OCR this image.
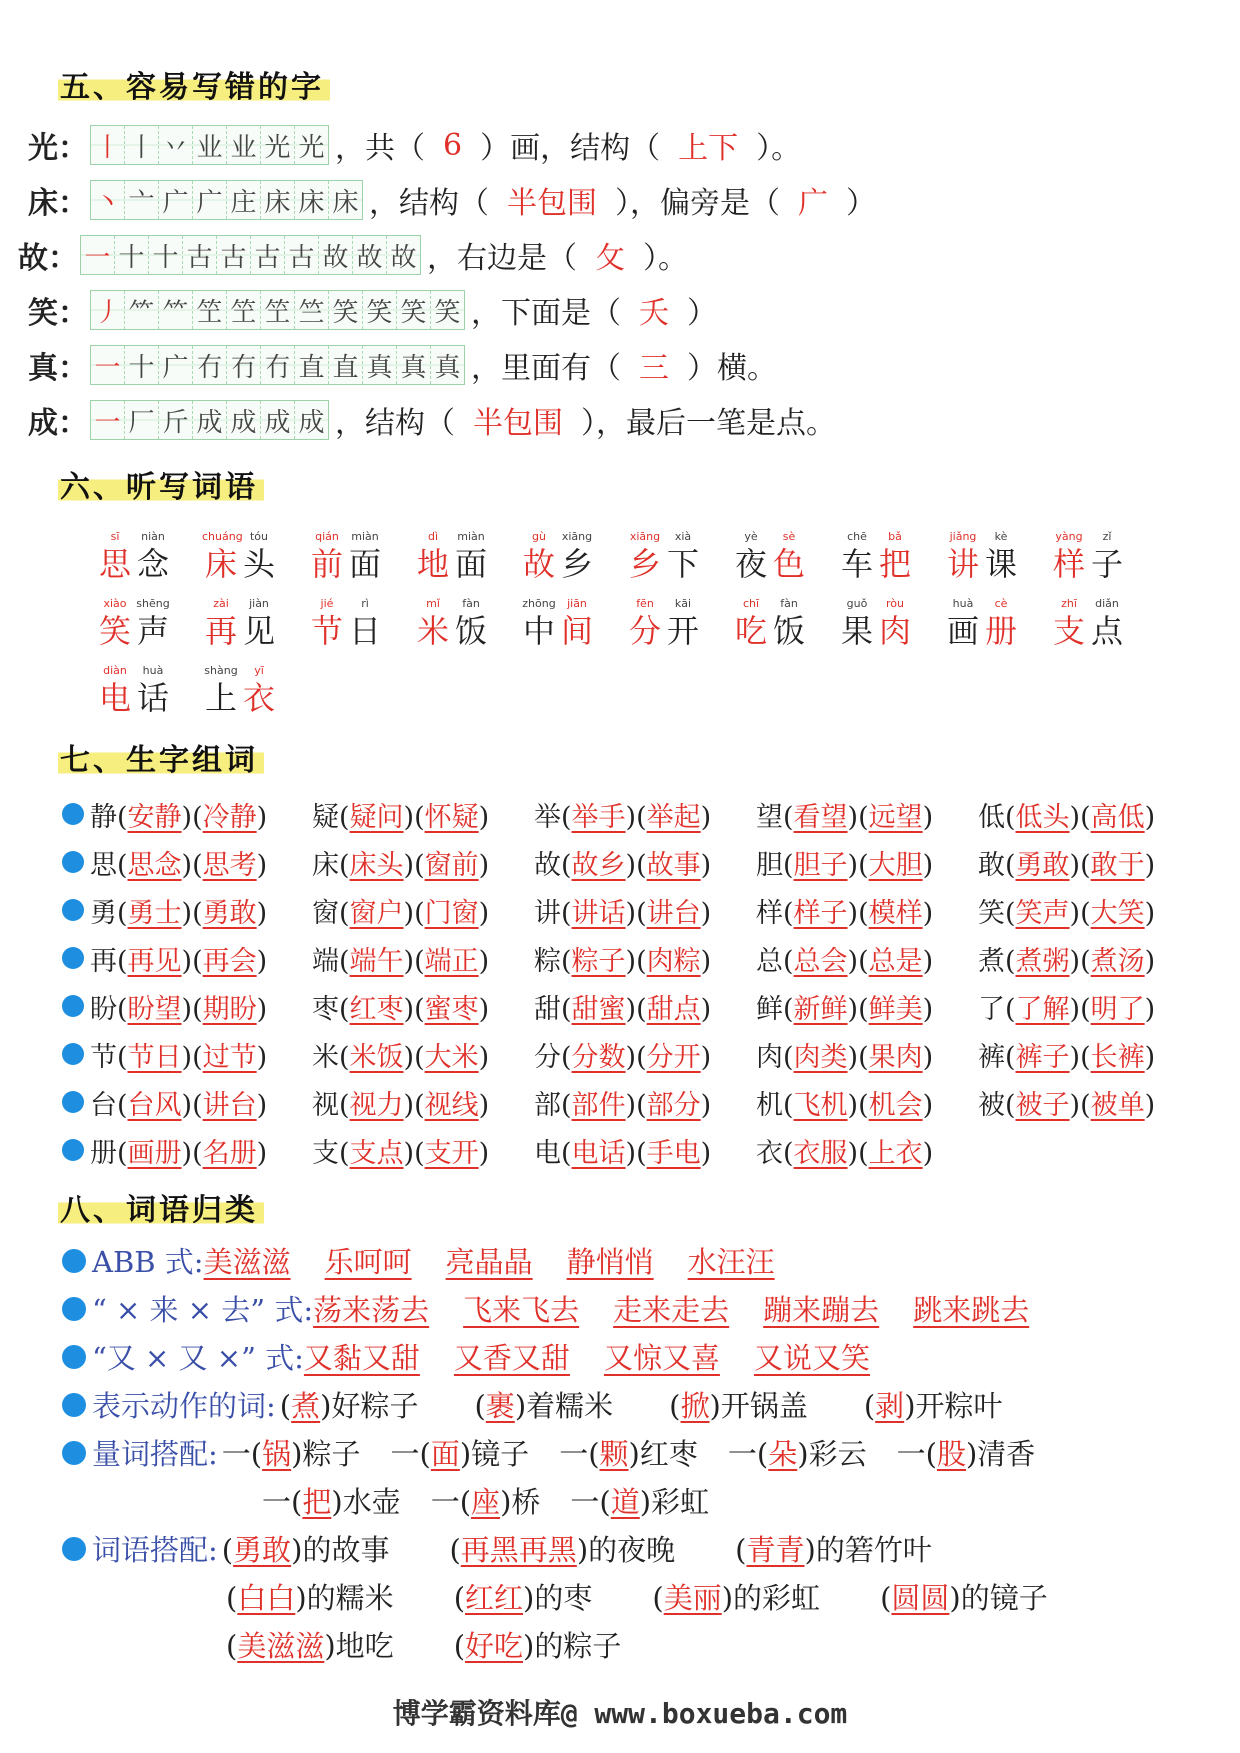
五、容易写错的字
光： 丨 丨 丷 业 业 光 光 ，共（ 6 ）画，结构（ 上下 ）。
床： 丶 亠 广 广 庄 床 床 床 ，结构（ 半包围 ），偏旁是（ 广 ）
故： 一 十 十 古 古 古 古 故 故 故 ，右边是（ 攵 ）。
笑： 丿 ⺮ ⺮ 笁 笁 笁 竺 笑 笑 笑 笑 ，下面是（ 夭 ）
真： 一 十 广 冇 冇 冇 直 直 真 真 真 ，里面有（ 三 ）横。
成： 一 厂 斤 成 成 成 成 ，结构（ 半包围 ），最后一笔是点。
六、听写词语
sī	niàn
思 念
chuáng tóu
床 头
qián	miàn
前 面
dì	miàn
地 面
gù	xiāng
故 乡
xiāng	xià
乡 下
yè	sè
夜 色
chē	bǎ
车 把
jiǎng	kè
讲 课
yàng	zǐ
样 子
xiào shēng
笑 声
zài	jiàn
再 见
jié	rì
节 日
mǐ	fàn
米 饭
zhōng	jiān
中 间
fēn	kāi
分 开
chī	fàn
吃 饭
guǒ	ròu
果 肉
huà	cè
画 册
zhī	diǎn
支 点
diàn	huà
电 话
shàng	yī
上 衣
七、生字组词
静(安静)(冷静)	疑(疑问)(怀疑)	举(举手)(举起)	望(看望)(远望)	低(低头)(高低)
思(思念)(思考)	床(床头)(窗前)	故(故乡)(故事)	胆(胆子)(大胆)	敢(勇敢)(敢于)
勇(勇士)(勇敢)	窗(窗户)(门窗)	讲(讲话)(讲台)	样(样子)(模样)	笑(笑声)(大笑)
再(再见)(再会)	端(端午)(端正)	粽(粽子)(肉粽)	总(总会)(总是)	煮(煮粥)(煮汤)
盼(盼望)(期盼)	枣(红枣)(蜜枣)	甜(甜蜜)(甜点)	鲜(新鲜)(鲜美)	了(了解)(明了)
节(节日)(过节)	米(米饭)(大米)	分(分数)(分开)	肉(肉类)(果肉)	裤(裤子)(长裤)
台(台风)(讲台)	视(视力)(视线)	部(部件)(部分)	机(飞机)(机会)	被(被子)(被单)
册(画册)(名册)	支(支点)(支开)	电(电话)(手电)	衣(衣服)(上衣)
八、词语归类
ABB 式: 美滋滋 乐呵呵 亮晶晶 静悄悄 水汪汪
“ × 来 × 去” 式: 荡来荡去 飞来飞去 走来走去 蹦来蹦去 跳来跳去
“又 × 又 ×” 式: 又黏又甜 又香又甜 又惊又喜 又说又笑
表示动作的词: (煮)好粽子 (裹)着糯米 (掀)开锅盖 (剥)开粽叶
量词搭配: 一(锅)粽子 一(面)镜子 一(颗)红枣 一(朵)彩云 一(股)清香
一(把)水壶 一(座)桥 一(道)彩虹
词语搭配: (勇敢)的故事 (再黑再黑)的夜晚 (青青)的箬竹叶
(白白)的糯米 (红红)的枣 (美丽)的彩虹 (圆圆)的镜子
(美滋滋)地吃 (好吃)的粽子
博学霸资料库@ www.boxueba.com
